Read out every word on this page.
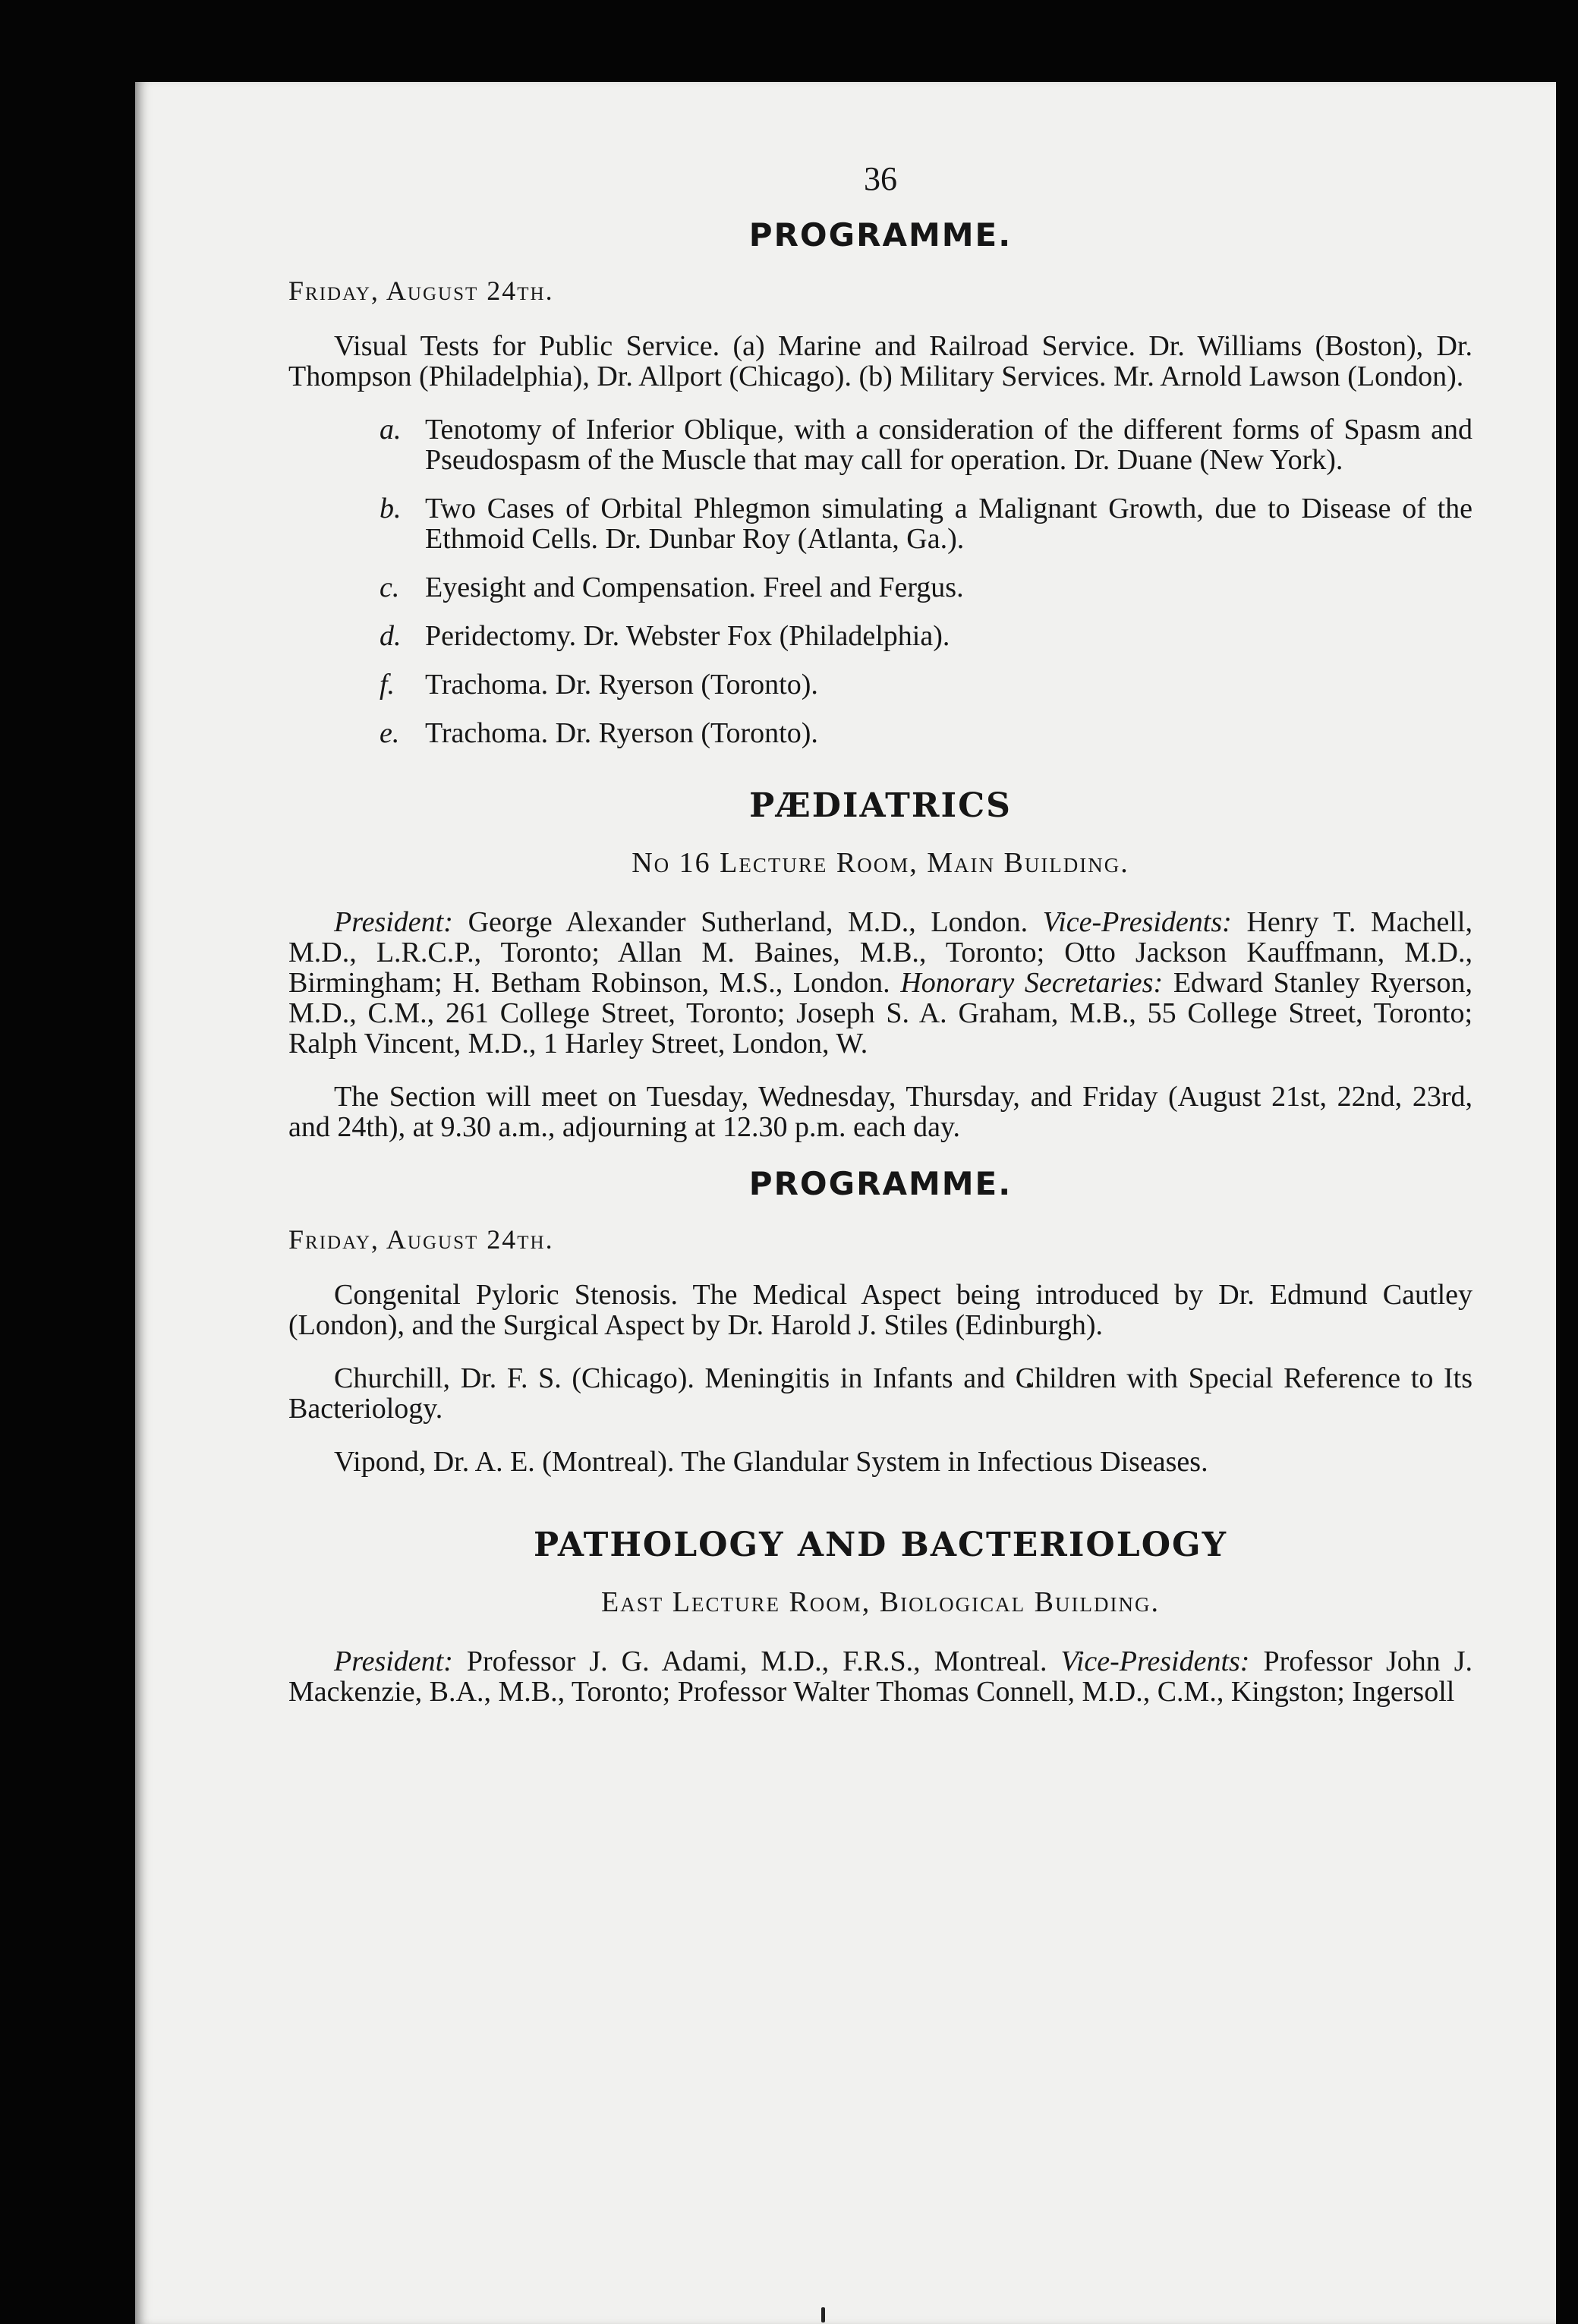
36
PROGRAMME.
Friday, August 24th.

Visual Tests for Public Service. (a) Marine and Railroad Service. Dr. Williams (Boston), Dr. Thompson (Philadelphia), Dr. Allport (Chicago). (b) Military Services. Mr. Arnold Lawson (London).

a. Tenotomy of Inferior Oblique, with a consideration of the different forms of Spasm and Pseudospasm of the Muscle that may call for operation. Dr. Duane (New York).
b. Two Cases of Orbital Phlegmon simulating a Malignant Growth, due to Disease of the Ethmoid Cells. Dr. Dunbar Roy (Atlanta, Ga.).
c. Eyesight and Compensation. Freel and Fergus.
d. Peridectomy. Dr. Webster Fox (Philadelphia).
f. Trachoma. Dr. Ryerson (Toronto).
e. Trachoma. Dr. Ryerson (Toronto).
PÆDIATRICS
No 16 Lecture Room, Main Building.

President: George Alexander Sutherland, M.D., London. Vice-Presidents: Henry T. Machell, M.D., L.R.C.P., Toronto; Allan M. Baines, M.B., Toronto; Otto Jackson Kauffmann, M.D., Birmingham; H. Betham Robinson, M.S., London. Honorary Secretaries: Edward Stanley Ryerson, M.D., C.M., 261 College Street, Toronto; Joseph S. A. Graham, M.B., 55 College Street, Toronto; Ralph Vincent, M.D., 1 Harley Street, London, W.

The Section will meet on Tuesday, Wednesday, Thursday, and Friday (August 21st, 22nd, 23rd, and 24th), at 9.30 a.m., adjourning at 12.30 p.m. each day.

PROGRAMME.
Friday, August 24th.

Congenital Pyloric Stenosis. The Medical Aspect being introduced by Dr. Edmund Cautley (London), and the Surgical Aspect by Dr. Harold J. Stiles (Edinburgh).

Churchill, Dr. F. S. (Chicago). Meningitis in Infants and Children with Special Reference to Its Bacteriology.

Vipond, Dr. A. E. (Montreal). The Glandular System in Infectious Diseases.

PATHOLOGY AND BACTERIOLOGY
East Lecture Room, Biological Building.

President: Professor J. G. Adami, M.D., F.R.S., Montreal. Vice-Presidents: Professor John J. Mackenzie, B.A., M.B., Toronto; Professor Walter Thomas Connell, M.D., C.M., Kingston; Ingersoll
